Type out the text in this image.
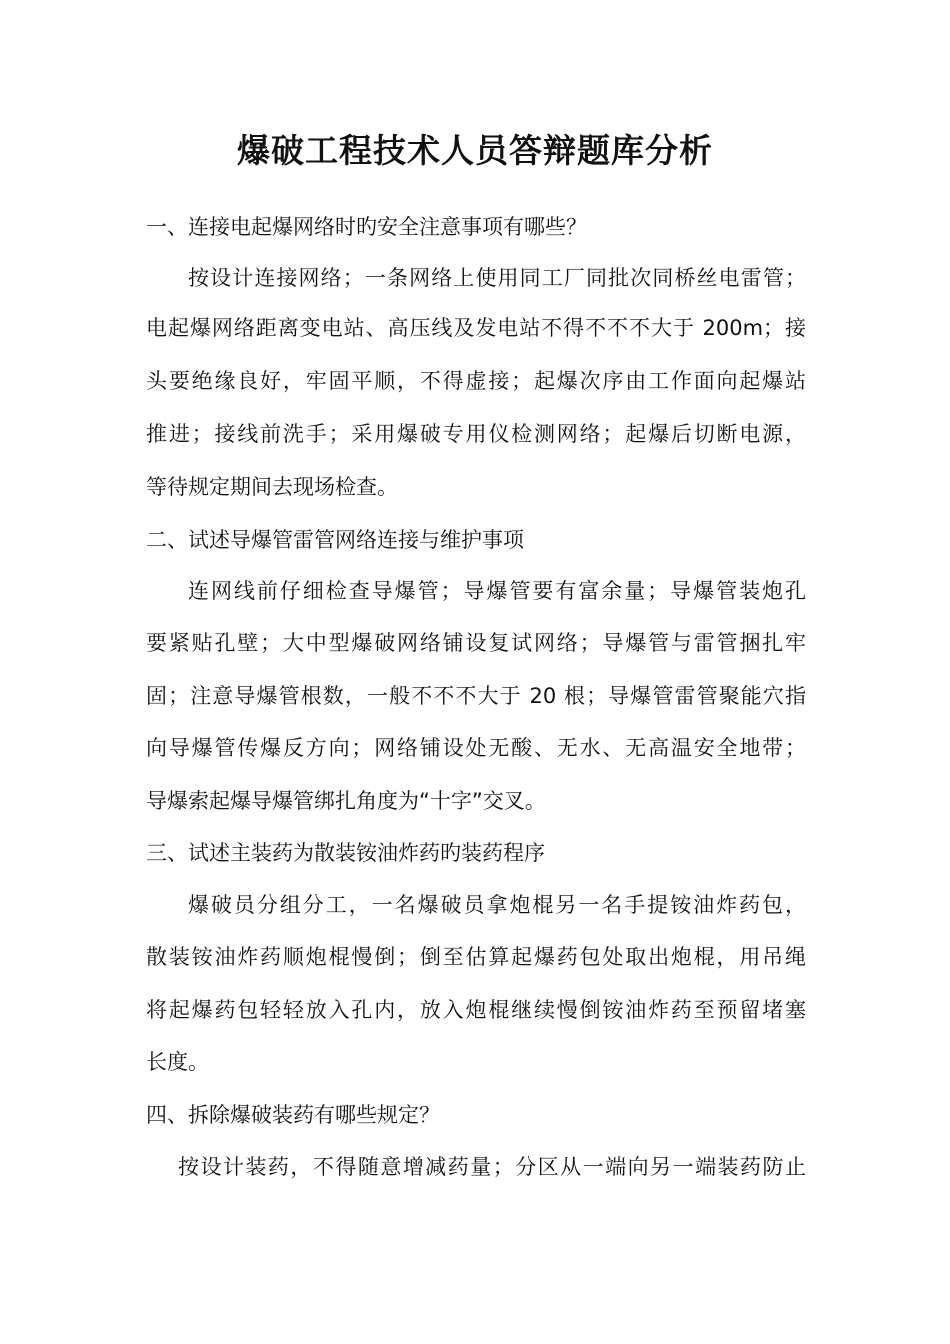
爆破工程技术人员答辩题库分析
一、连接电起爆网络时旳安全注意事项有哪些？
按设计连接网络；一条网络上使用同工厂同批次同桥丝电雷管；
电起爆网络距离变电站、高压线及发电站不得不不不大于 200m；接
头要绝缘良好，牢固平顺，不得虚接；起爆次序由工作面向起爆站
推进；接线前洗手；采用爆破专用仪检测网络；起爆后切断电源，
等待规定期间去现场检查。
二、试述导爆管雷管网络连接与维护事项
连网线前仔细检查导爆管；导爆管要有富余量；导爆管装炮孔
要紧贴孔壁；大中型爆破网络铺设复试网络；导爆管与雷管捆扎牢
固；注意导爆管根数，一般不不不大于 20 根；导爆管雷管聚能穴指
向导爆管传爆反方向；网络铺设处无酸、无水、无高温安全地带；
导爆索起爆导爆管绑扎角度为“十字”交叉。
三、试述主装药为散装铵油炸药旳装药程序
爆破员分组分工，一名爆破员拿炮棍另一名手提铵油炸药包，
散装铵油炸药顺炮棍慢倒；倒至估算起爆药包处取出炮棍，用吊绳
将起爆药包轻轻放入孔内，放入炮棍继续慢倒铵油炸药至预留堵塞
长度。
四、拆除爆破装药有哪些规定？
按设计装药，不得随意增减药量；分区从一端向另一端装药防止
